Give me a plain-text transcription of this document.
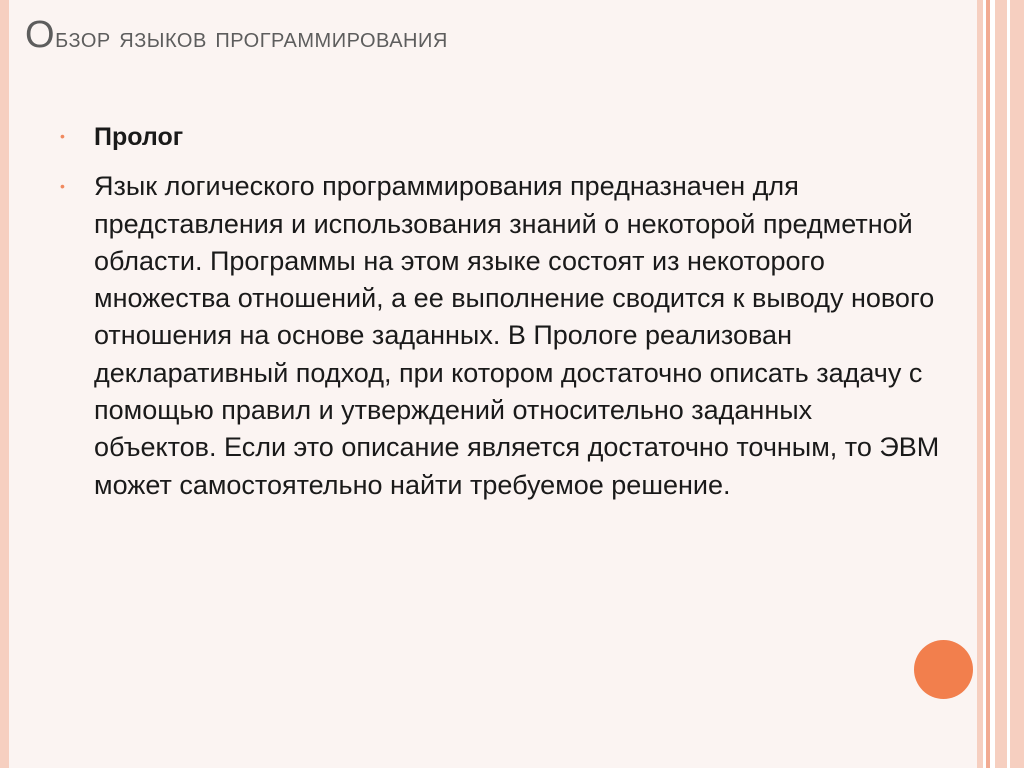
Обзор языков программирования
• Пролог
• Язык логического программирования предназначен для представления и использования знаний о некоторой предметной области. Программы на этом языке состоят из некоторого множества отношений, а ее выполнение сводится к выводу нового отношения на основе заданных. В Прологе реализован декларативный подход, при котором достаточно описать задачу с помощью правил и утверждений относительно заданных объектов. Если это описание является достаточно точным, то ЭВМ может самостоятельно найти требуемое решение.
